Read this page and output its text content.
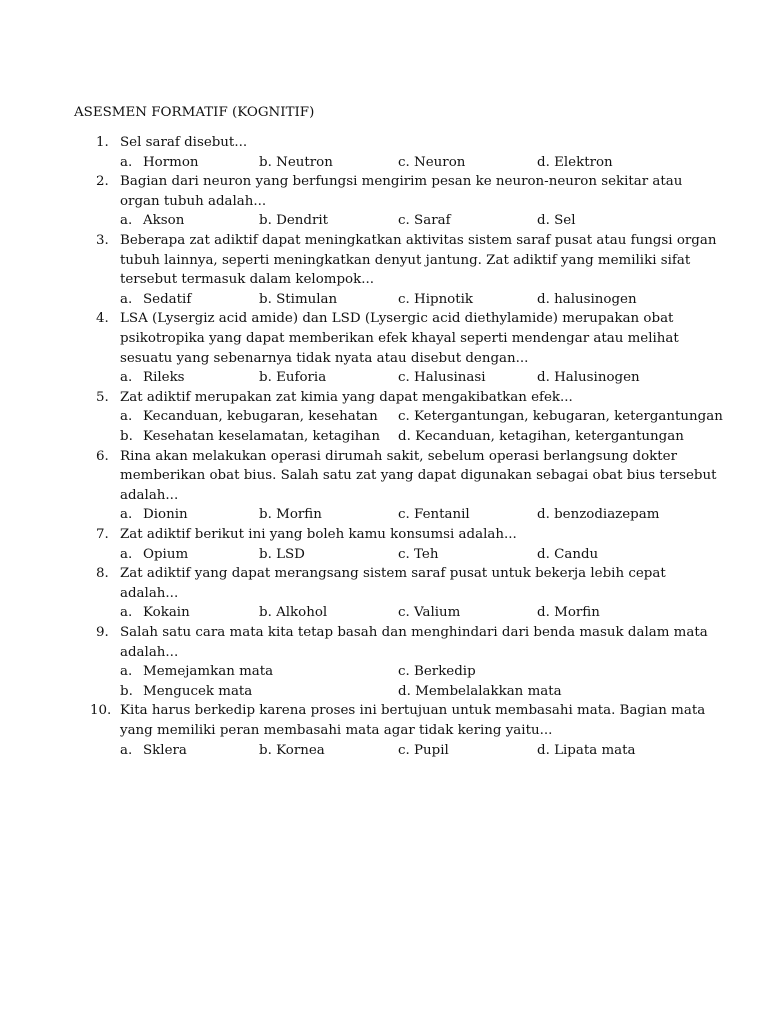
ASESMEN FORMATIF (KOGNITIF)
1. Sel saraf disebut...
a. Hormon	b. Neutron	c. Neuron	d. Elektron
2. Bagian dari neuron yang berfungsi mengirim pesan ke neuron-neuron sekitar atau
organ tubuh adalah...
a. Akson	b. Dendrit	c. Saraf	d. Sel
3. Beberapa zat adiktif dapat meningkatkan aktivitas sistem saraf pusat atau fungsi organ
tubuh lainnya, seperti meningkatkan denyut jantung. Zat adiktif yang memiliki sifat
tersebut termasuk dalam kelompok...
a. Sedatif	b. Stimulan	c. Hipnotik	d. halusinogen
4. LSA (Lysergiz acid amide) dan LSD (Lysergic acid diethylamide) merupakan obat
psikotropika yang dapat memberikan efek khayal seperti mendengar atau melihat
sesuatu yang sebenarnya tidak nyata atau disebut dengan...
a. Rileks	b. Euforia	c. Halusinasi	d. Halusinogen
5. Zat adiktif merupakan zat kimia yang dapat mengakibatkan efek...
a. Kecanduan, kebugaran, kesehatan c. Ketergantungan, kebugaran, ketergantungan
b. Kesehatan keselamatan, ketagihan d. Kecanduan, ketagihan, ketergantungan
6. Rina akan melakukan operasi dirumah sakit, sebelum operasi berlangsung dokter
memberikan obat bius. Salah satu zat yang dapat digunakan sebagai obat bius tersebut
adalah...
a. Dionin	b. Morfin	c. Fentanil	d. benzodiazepam
7. Zat adiktif berikut ini yang boleh kamu konsumsi adalah...
a. Opium	b. LSD	c. Teh	d. Candu
8. Zat adiktif yang dapat merangsang sistem saraf pusat untuk bekerja lebih cepat
adalah...
a. Kokain	b. Alkohol	c. Valium	d. Morfin
9. Salah satu cara mata kita tetap basah dan menghindari dari benda masuk dalam mata
adalah...
a. Memejamkan mata	c. Berkedip
b. Mengucek mata	d. Membelalakkan mata
10. Kita harus berkedip karena proses ini bertujuan untuk membasahi mata. Bagian mata
yang memiliki peran membasahi mata agar tidak kering yaitu...
a. Sklera	b. Kornea	c. Pupil	d. Lipata mata
